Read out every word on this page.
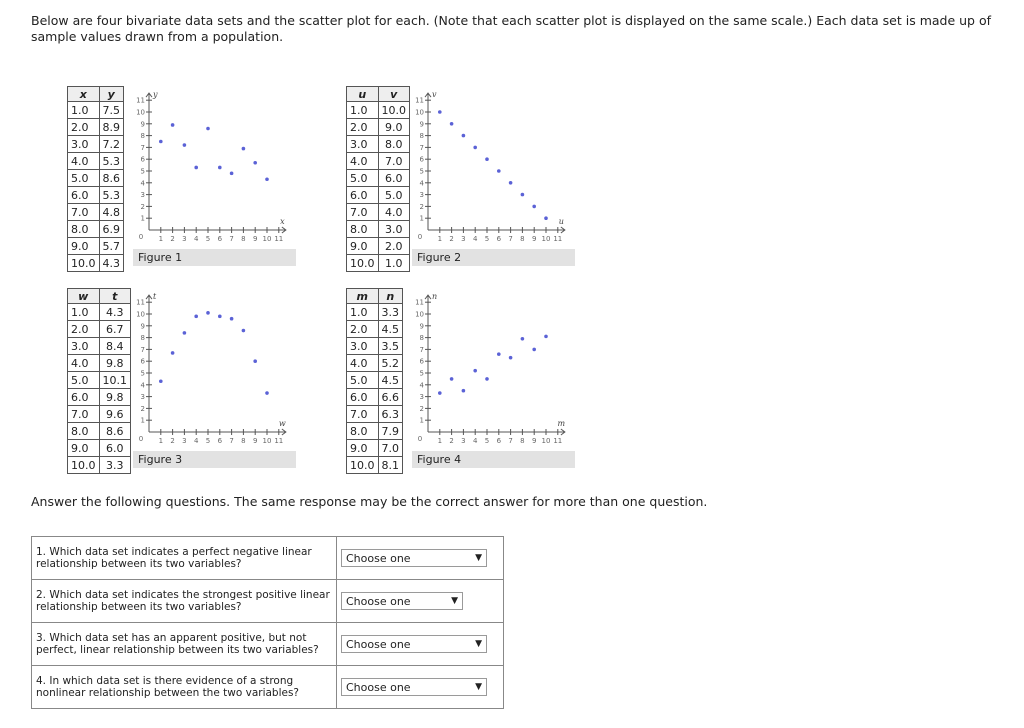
Below are four bivariate data sets and the scatter plot for each. (Note that each scatter plot is displayed on the same scale.) Each data set is made up of sample values drawn from a population.
x	y
1.0	7.5
2.0	8.9
3.0	7.2
4.0	5.3
5.0	8.6
6.0	5.3
7.0	4.8
8.0	6.9
9.0	5.7
10.0	4.3
1
1
2
2
3
3
4
4
5
5
6
6
7
7
8
8
9
9
10
10
11
11
0
y
x
Figure 1
u	v
1.0	10.0
2.0	9.0
3.0	8.0
4.0	7.0
5.0	6.0
6.0	5.0
7.0	4.0
8.0	3.0
9.0	2.0
10.0	1.0
1
1
2
2
3
3
4
4
5
5
6
6
7
7
8
8
9
9
10
10
11
11
0
v
u
Figure 2
w	t
1.0	4.3
2.0	6.7
3.0	8.4
4.0	9.8
5.0	10.1
6.0	9.8
7.0	9.6
8.0	8.6
9.0	6.0
10.0	3.3
1
1
2
2
3
3
4
4
5
5
6
6
7
7
8
8
9
9
10
10
11
11
0
t
w
Figure 3
m	n
1.0	3.3
2.0	4.5
3.0	3.5
4.0	5.2
5.0	4.5
6.0	6.6
7.0	6.3
8.0	7.9
9.0	7.0
10.0	8.1
1
1
2
2
3
3
4
4
5
5
6
6
7
7
8
8
9
9
10
10
11
11
0
n
m
Figure 4
Answer the following questions. The same response may be the correct answer for more than one question.
1. Which data set indicates a perfect negative linear relationship between its two variables?	Choose one ▼

2. Which data set indicates the strongest positive linear relationship between its two variables?	Choose one ▼

3. Which data set has an apparent positive, but not perfect, linear relationship between its two variables?	Choose one ▼

4. In which data set is there evidence of a strong nonlinear relationship between the two variables?	Choose one ▼
